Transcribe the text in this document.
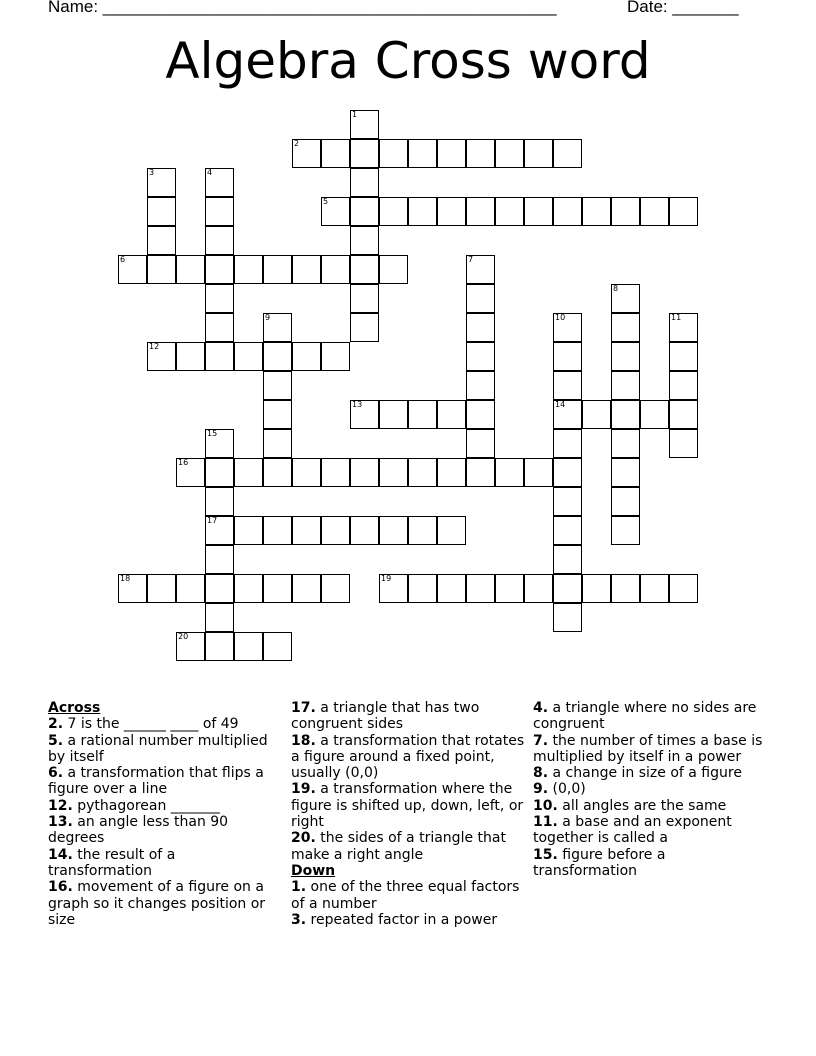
Name: ________________________________________________	Date: _______
Algebra Cross word
1
2
3	4
5
6	7
8
9	10
14
11
12
13
15
17
16
18	19
20
Across
2. 7 is the ______ ____ of 49
5. a rational number multiplied by itself
6. a transformation that flips a figure over a line
12. pythagorean _______
13. an angle less than 90 degrees
14. the result of a transformation
16. movement of a figure on a graph so it changes position or size
17. a triangle that has two congruent sides
18. a transformation that rotates a figure around a fixed point, usually (0,0)
19. a transformation where the figure is shifted up, down, left, or right
20. the sides of a triangle that make a right angle
Down
1. one of the three equal factors of a number
3. repeated factor in a power
4. a triangle where no sides are congruent
7. the number of times a base is multiplied by itself in a power
8. a change in size of a figure
9. (0,0)
10. all angles are the same
11. a base and an exponent together is called a
15. figure before a transformation
